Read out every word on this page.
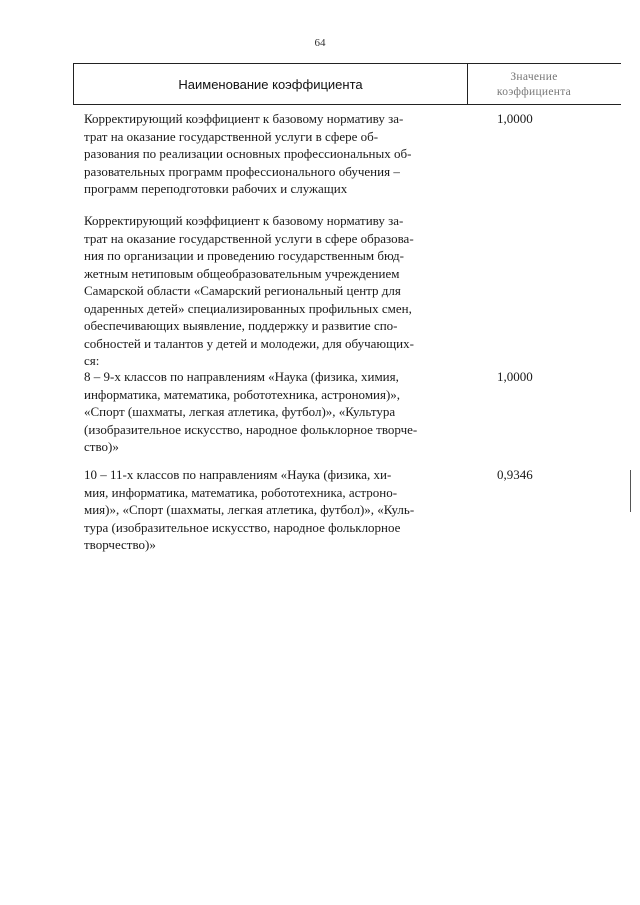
64
Наименование коэффициента	Значение
коэффициента
Корректирующий коэффициент к базовому нормативу за-
трат на оказание государственной услуги в сфере об-
разования по реализации основных профессиональных об-
разовательных программ профессионального обучения –
программ переподготовки рабочих и служащих
1,0000
Корректирующий коэффициент к базовому нормативу за-
трат на оказание государственной услуги в сфере образова-
ния по организации и проведению государственным бюд-
жетным нетиповым общеобразовательным учреждением
Самарской области «Самарский региональный центр для
одаренных детей» специализированных профильных смен,
обеспечивающих выявление, поддержку и развитие спо-
собностей и талантов у детей и молодежи, для обучающих-
ся:
8 – 9-х классов по направлениям «Наука (физика, химия,
информатика, математика, робототехника, астрономия)»,
«Спорт (шахматы, легкая атлетика, футбол)», «Культура
(изобразительное искусство, народное фольклорное творче-
ство)»
1,0000
10 – 11-х классов по направлениям «Наука (физика, хи-
мия, информатика, математика, робототехника, астроно-
мия)», «Спорт (шахматы, легкая атлетика, футбол)», «Куль-
тура (изобразительное искусство, народное фольклорное
творчество)»
0,9346
